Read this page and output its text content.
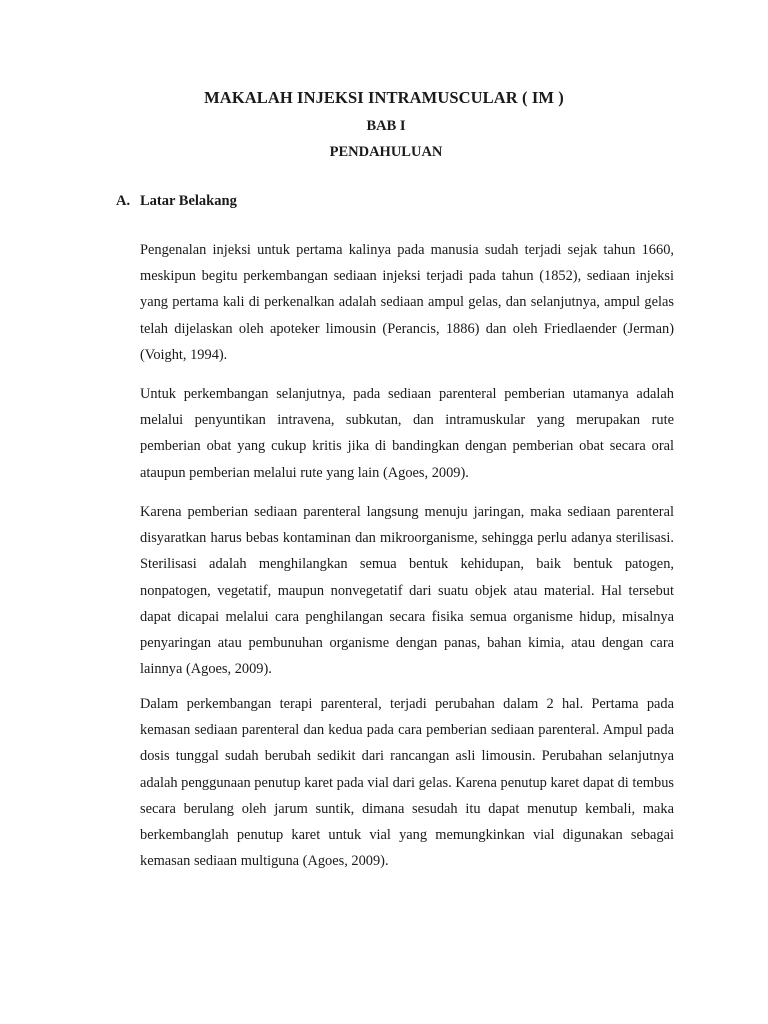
MAKALAH INJEKSI INTRAMUSCULAR ( IM )
BAB I
PENDAHULUAN
A. Latar Belakang

Pengenalan injeksi untuk pertama kalinya pada manusia sudah terjadi sejak tahun 1660, meskipun begitu perkembangan sediaan injeksi terjadi pada tahun (1852), sediaan injeksi yang pertama kali di perkenalkan adalah sediaan ampul gelas, dan selanjutnya, ampul gelas telah dijelaskan oleh apoteker limousin (Perancis, 1886) dan oleh Friedlaender (Jerman) (Voight, 1994).

Untuk perkembangan selanjutnya, pada sediaan parenteral pemberian utamanya adalah melalui penyuntikan intravena, subkutan, dan intramuskular yang merupakan rute pemberian obat yang cukup kritis jika di bandingkan dengan pemberian obat secara oral ataupun pemberian melalui rute yang lain (Agoes, 2009).

Karena pemberian sediaan parenteral langsung menuju jaringan, maka sediaan parenteral disyaratkan harus bebas kontaminan dan mikroorganisme, sehingga perlu adanya sterilisasi. Sterilisasi adalah menghilangkan semua bentuk kehidupan, baik bentuk patogen, nonpatogen, vegetatif, maupun nonvegetatif dari suatu objek atau material. Hal tersebut dapat dicapai melalui cara penghilangan secara fisika semua organisme hidup, misalnya penyaringan atau pembunuhan organisme dengan panas, bahan kimia, atau dengan cara lainnya (Agoes, 2009).

Dalam perkembangan terapi parenteral, terjadi perubahan dalam 2 hal. Pertama pada kemasan sediaan parenteral dan kedua pada cara pemberian sediaan parenteral. Ampul pada dosis tunggal sudah berubah sedikit dari rancangan asli limousin. Perubahan selanjutnya adalah penggunaan penutup karet pada vial dari gelas. Karena penutup karet dapat di tembus secara berulang oleh jarum suntik, dimana sesudah itu dapat menutup kembali, maka berkembanglah penutup karet untuk vial yang memungkinkan vial digunakan sebagai kemasan sediaan multiguna (Agoes, 2009).
